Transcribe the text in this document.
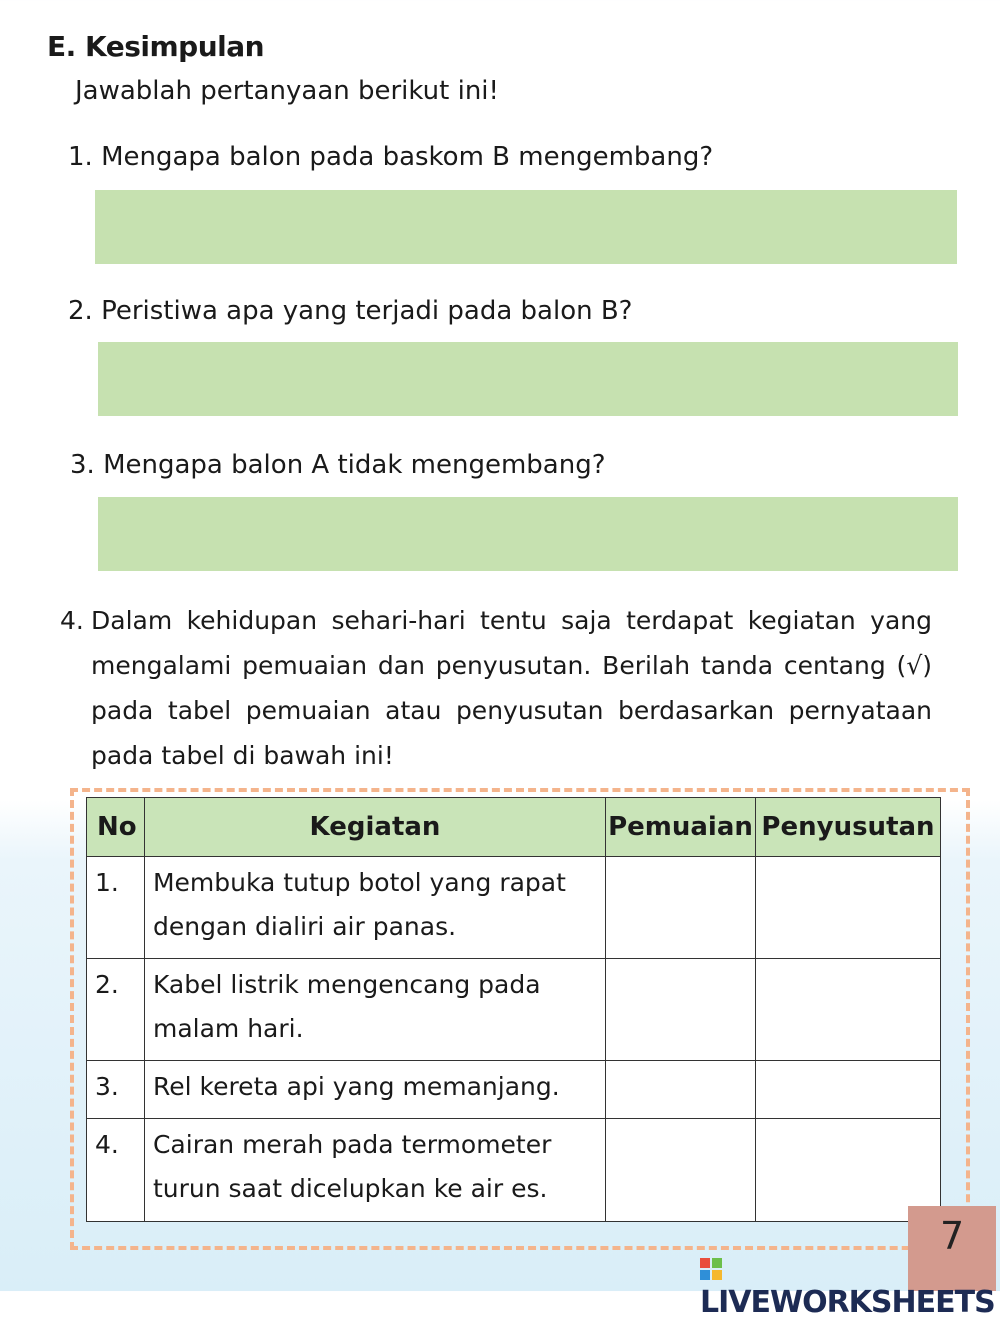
E. Kesimpulan
Jawablah pertanyaan berikut ini!
1. Mengapa balon pada baskom B mengembang?
2. Peristiwa apa yang terjadi pada balon B?
3. Mengapa balon A tidak mengembang?
4. Dalam kehidupan sehari-hari tentu saja terdapat kegiatan yang mengalami pemuaian dan penyusutan. Berilah tanda centang (√) pada tabel pemuaian atau penyusutan berdasarkan pernyataan pada tabel di bawah ini!
No	Kegiatan	Pemuaian	Penyusutan
1.	Membuka tutup botol yang rapat dengan dialiri air panas.		
2.	Kabel listrik mengencang pada malam hari.		
3.	Rel kereta api yang memanjang.		
4.	Cairan merah pada termometer turun saat dicelupkan ke air es.		
7
LIVEWORKSHEETS
